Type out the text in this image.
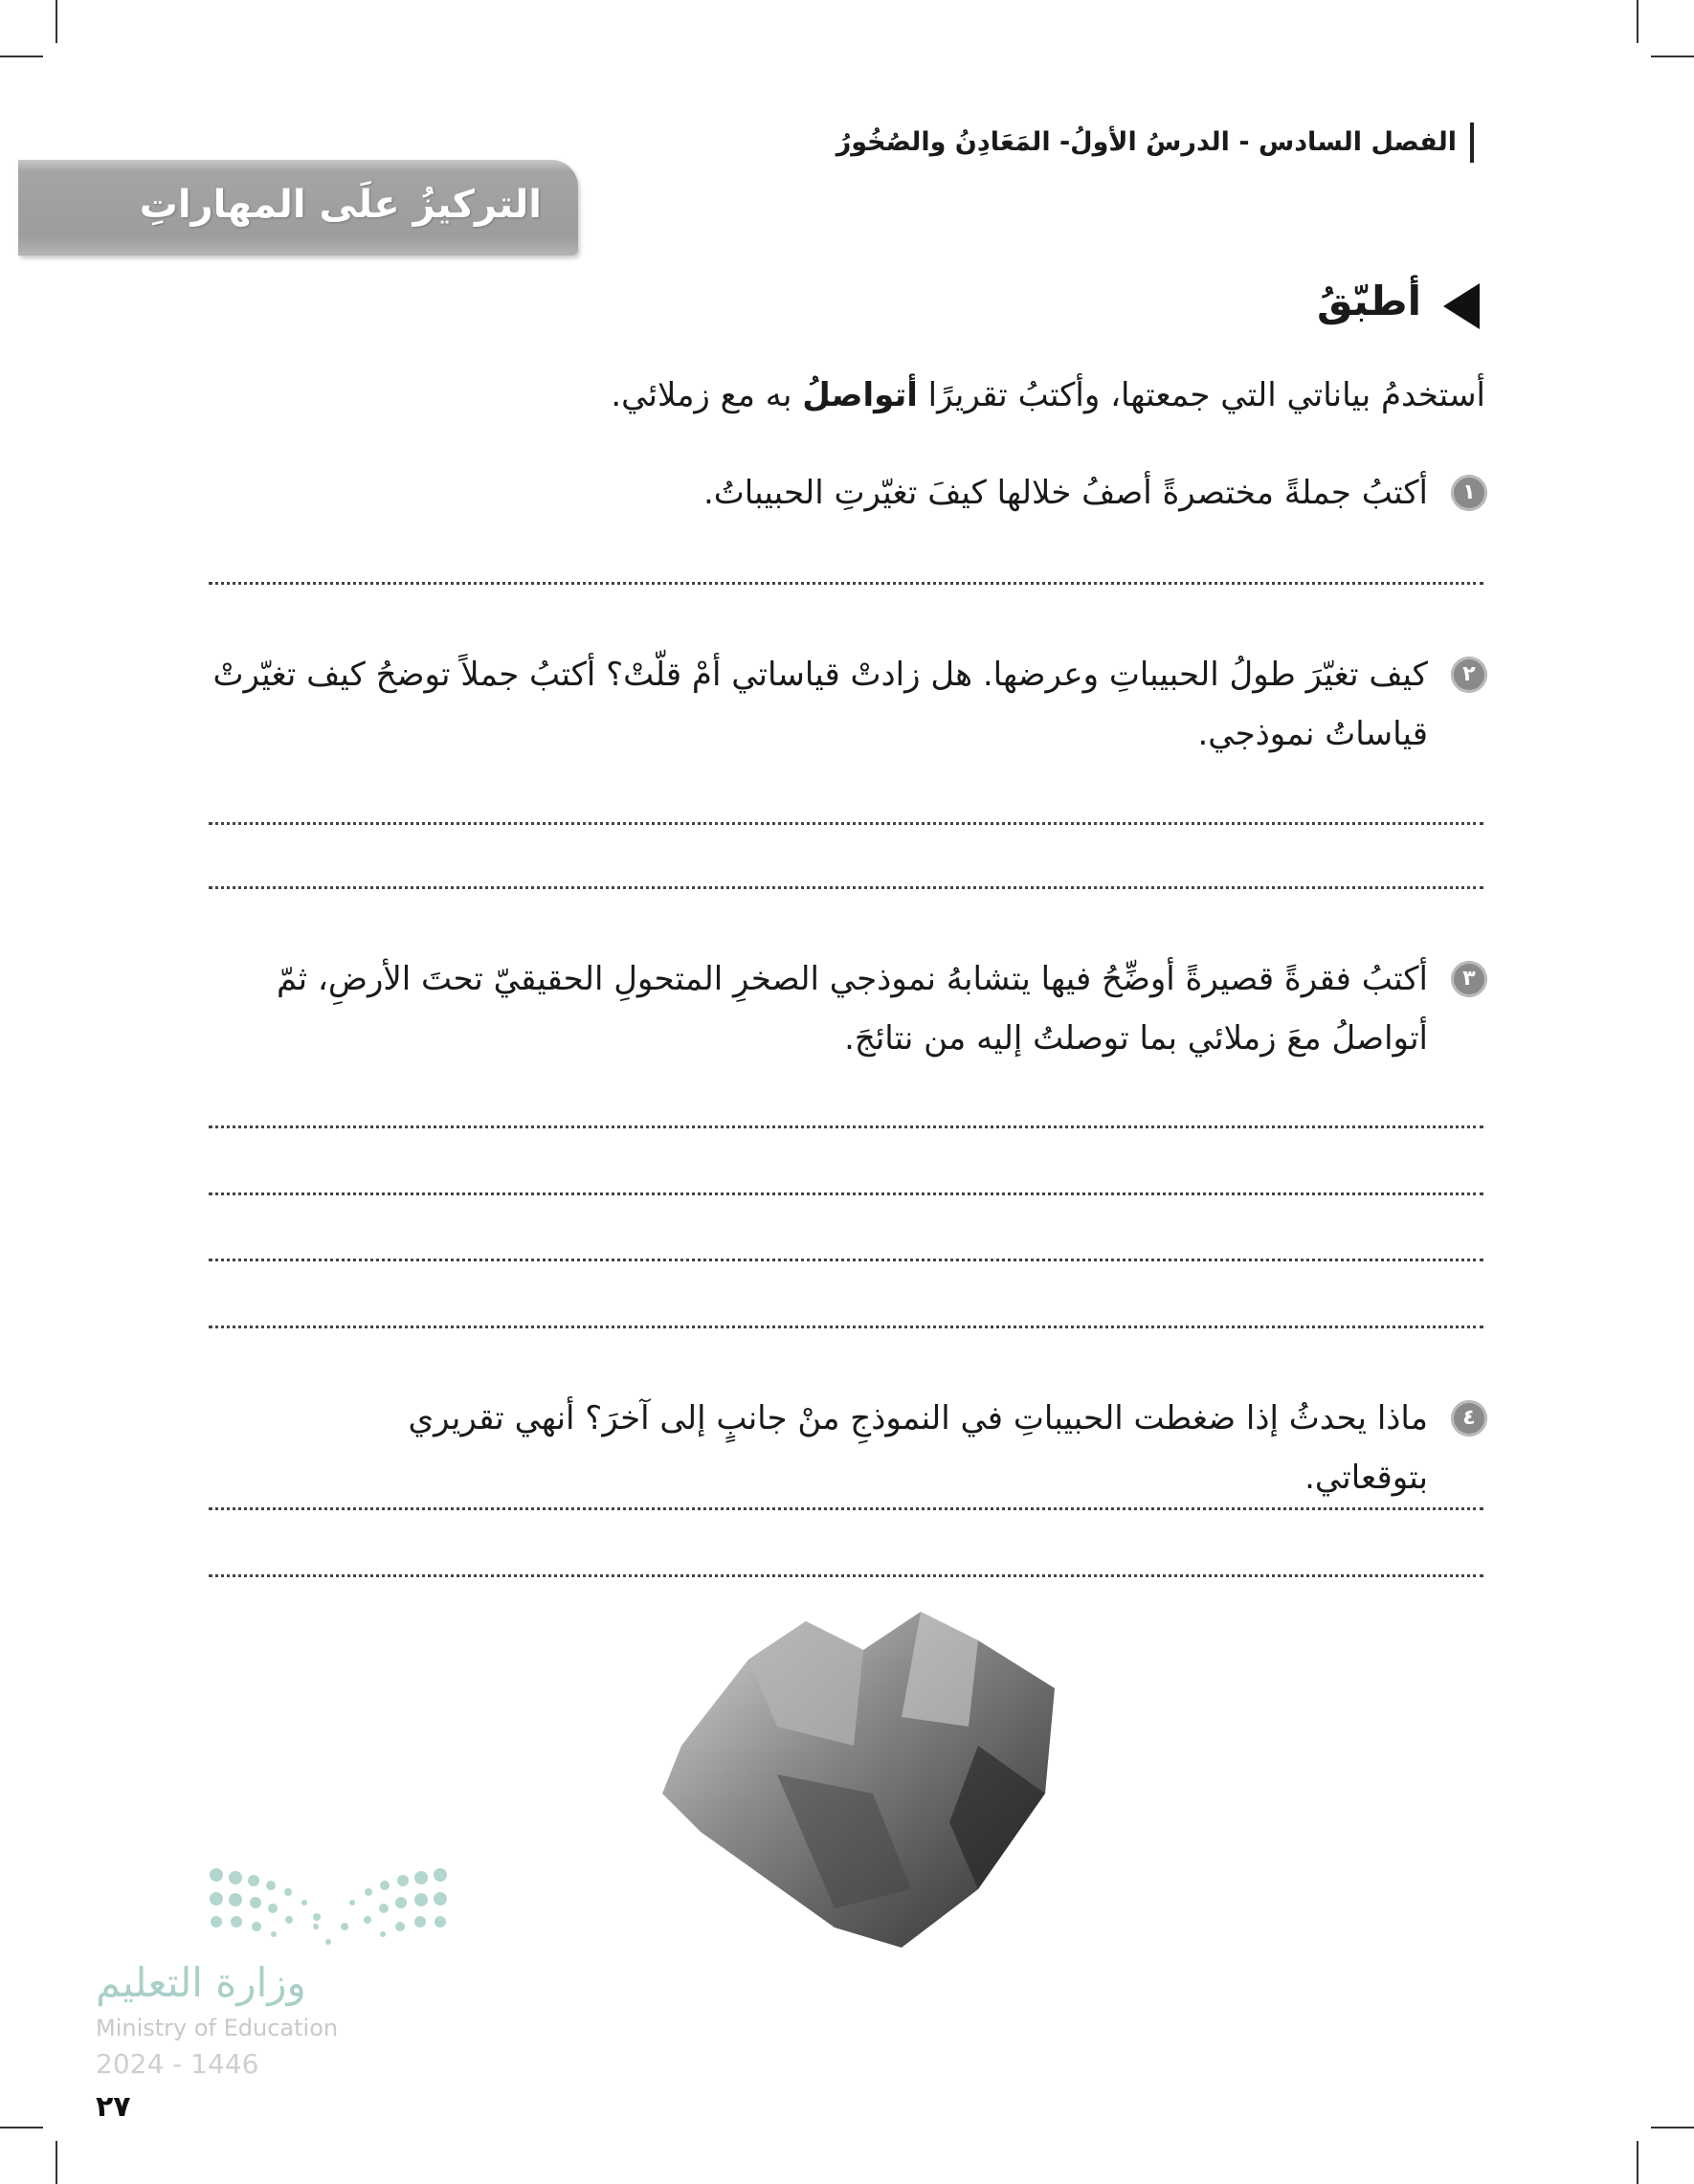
الفصل السادس - الدرسُ الأولُ- المَعَادِنُ والصُخُورُ
التركيزُ علَى المهاراتِ
أطبّقُ
أستخدمُ بياناتي التي جمعتها، وأكتبُ تقريرًا أتواصلُ به مع زملائي.
١
أكتبُ جملةً مختصرةً أصفُ خلالها كيفَ تغيّرتِ الحبيباتُ.
٢
كيف تغيّرَ طولُ الحبيباتِ وعرضها. هل زادتْ قياساتي أمْ قلّتْ؟ أكتبُ جملاً توضحُ كيف تغيّرتْ قياساتُ نموذجي.
٣
أكتبُ فقرةً قصيرةً أوضِّحُ فيها يتشابهُ نموذجي الصخرِ المتحولِ الحقيقيّ تحتَ الأرضِ، ثمّ أتواصلُ معَ زملائي بما توصلتُ إليه من نتائجَ.
٤
ماذا يحدثُ إذا ضغطت الحبيباتِ في النموذجِ منْ جانبٍ إلى آخرَ؟ أنهي تقريري بتوقعاتي.
وزارة التعليم
Ministry of Education
2024 - 1446
٢٧
